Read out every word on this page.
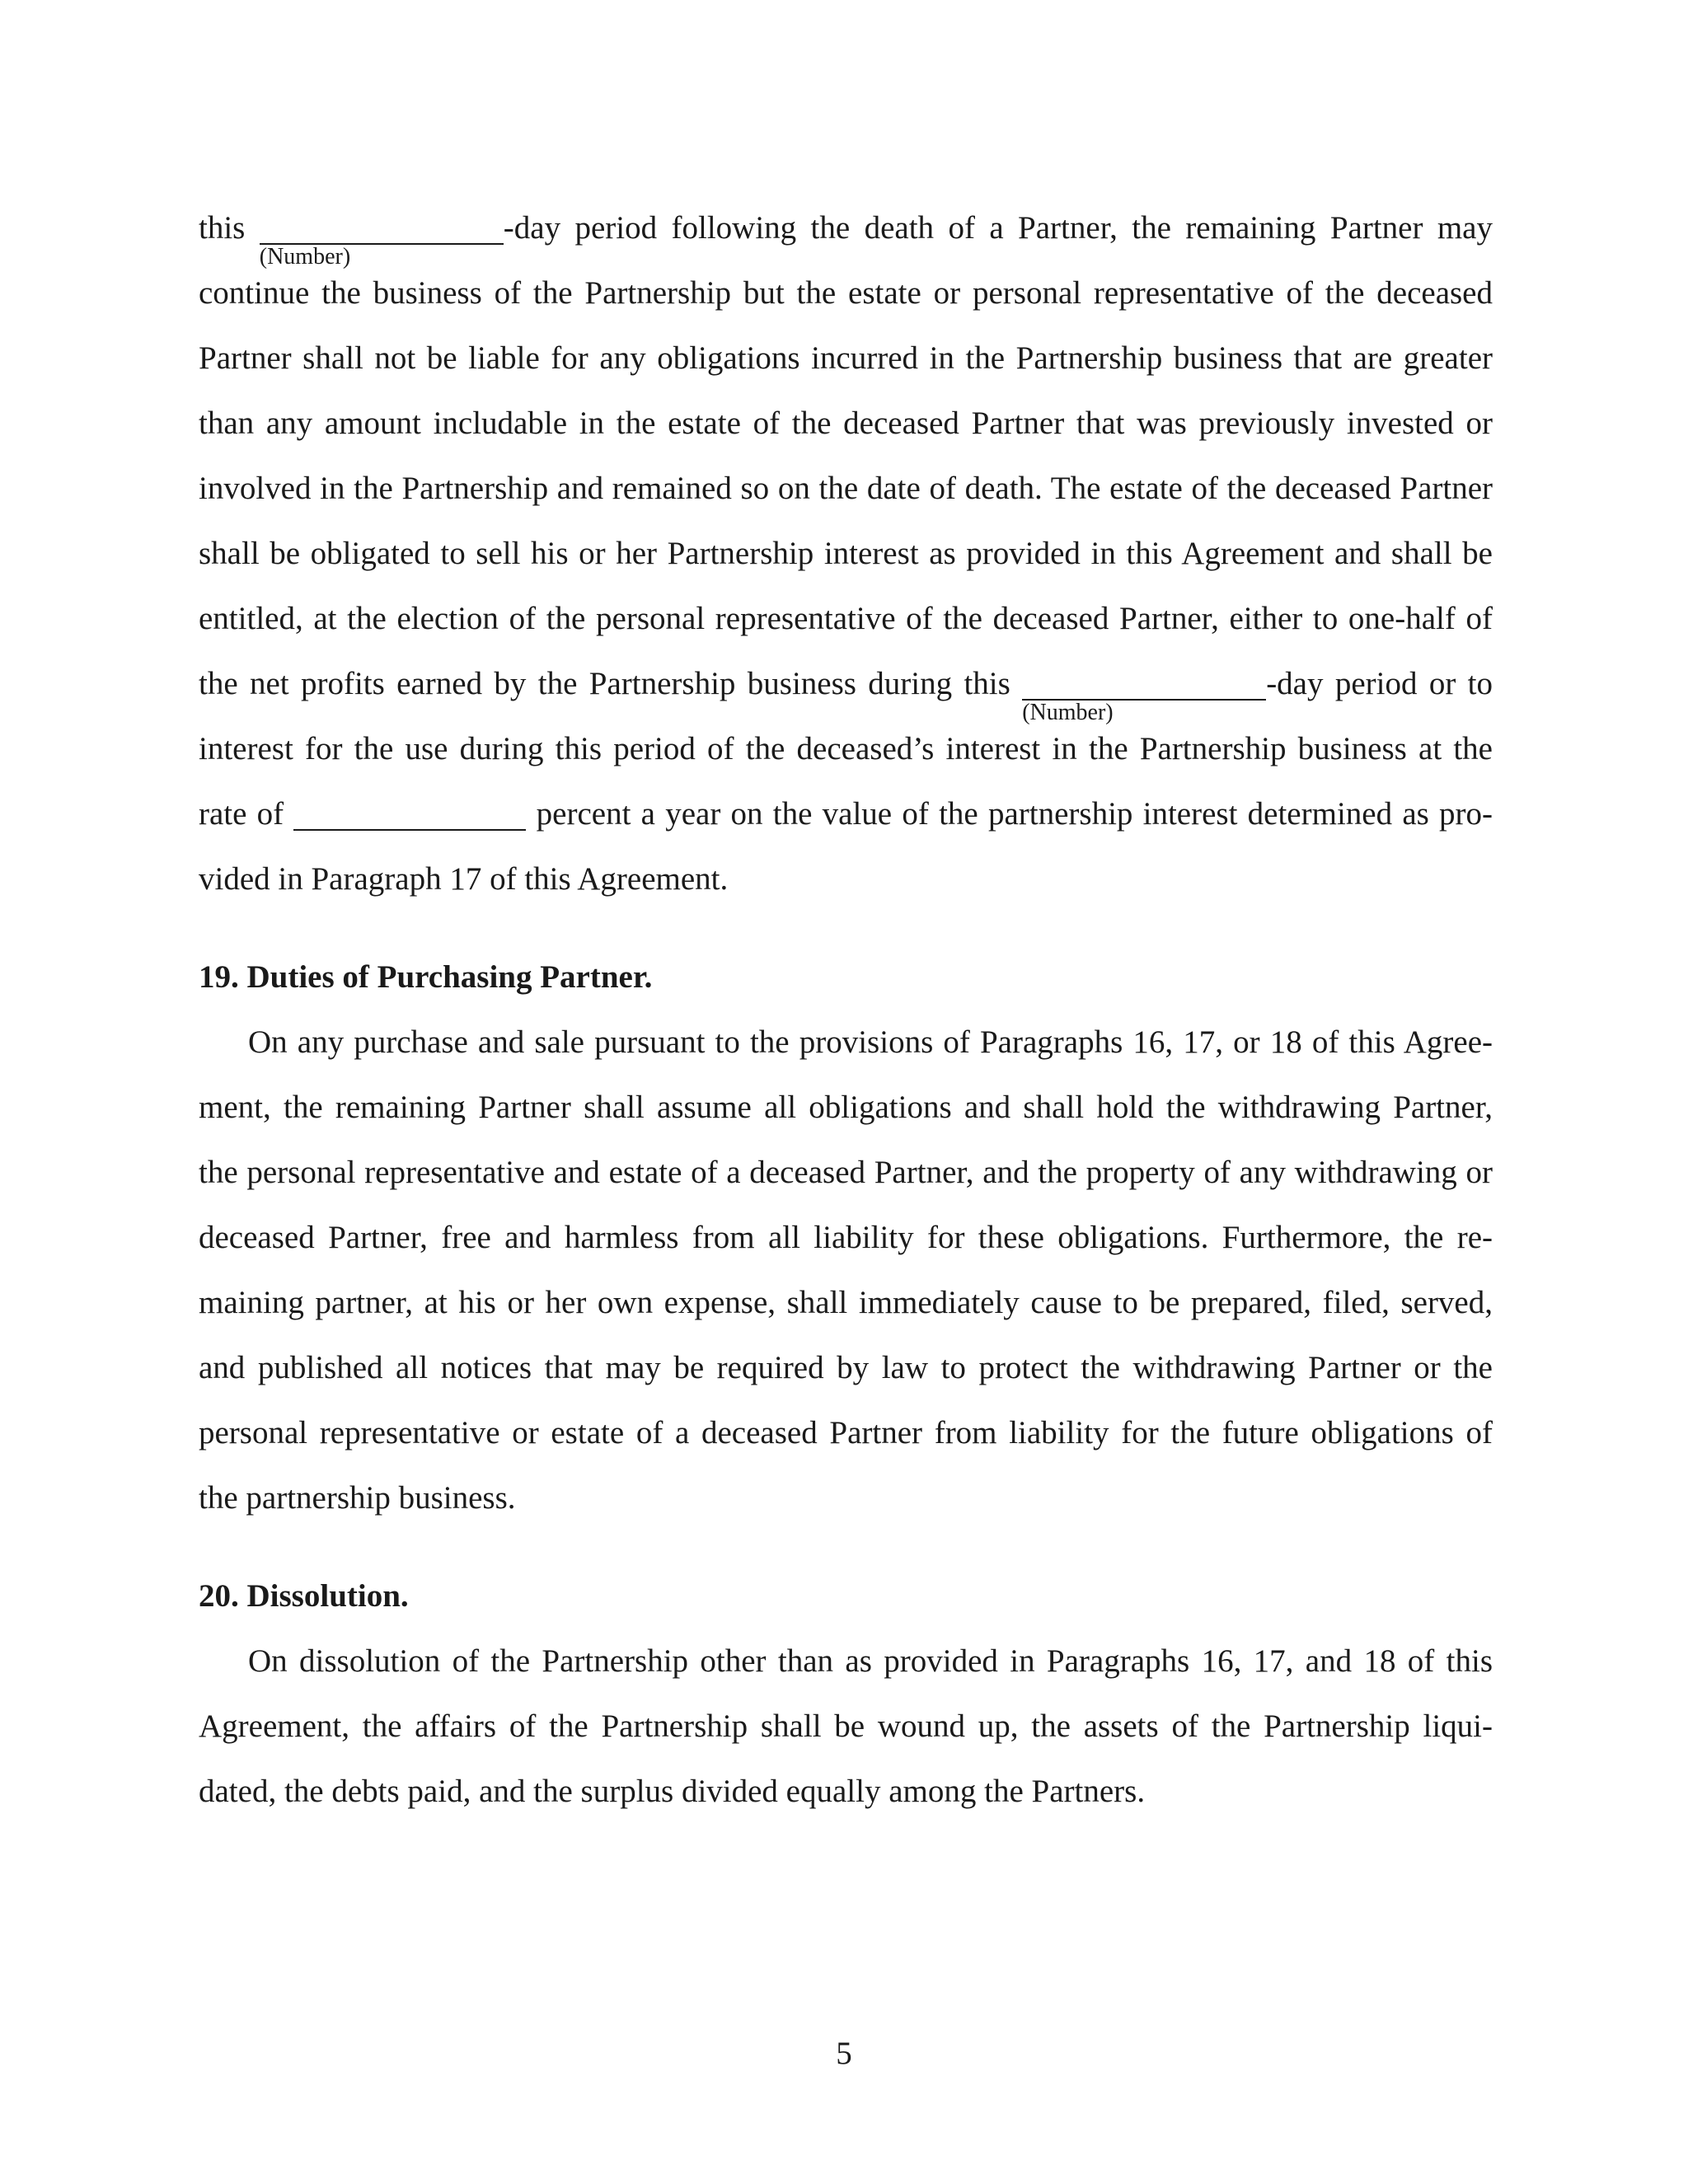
this
(Number)
-day period following the death of a Partner, the remaining Partner may
continue the business of the Partnership but the estate or personal representative of the deceased
Partner shall not be liable for any obligations incurred in the Partnership business that are greater
than any amount includable in the estate of the deceased Partner that was previously invested or
involved in the Partnership and remained so on the date of death. The estate of the deceased Partner
shall be obligated to sell his or her Partnership interest as provided in this Agreement and shall be
entitled, at the election of the personal representative of the deceased Partner, either to one-half of
the net profits earned by the Partnership business during this
(Number)
-day period or to
interest for the use during this period of the deceased’s interest in the Partnership business at the
rate of	percent a year on the value of the partnership interest determined as pro-
vided in Paragraph 17 of this Agreement.
19. Duties of Purchasing Partner.
On any purchase and sale pursuant to the provisions of Paragraphs 16, 17, or 18 of this Agree-
ment, the remaining Partner shall assume all obligations and shall hold the withdrawing Partner,
the personal representative and estate of a deceased Partner, and the property of any withdrawing or
deceased Partner, free and harmless from all liability for these obligations. Furthermore, the re-
maining partner, at his or her own expense, shall immediately cause to be prepared, filed, served,
and published all notices that may be required by law to protect the withdrawing Partner or the
personal representative or estate of a deceased Partner from liability for the future obligations of
the partnership business.
20. Dissolution.
On dissolution of the Partnership other than as provided in Paragraphs 16, 17, and 18 of this
Agreement, the affairs of the Partnership shall be wound up, the assets of the Partnership liqui-
dated, the debts paid, and the surplus divided equally among the Partners.
5
